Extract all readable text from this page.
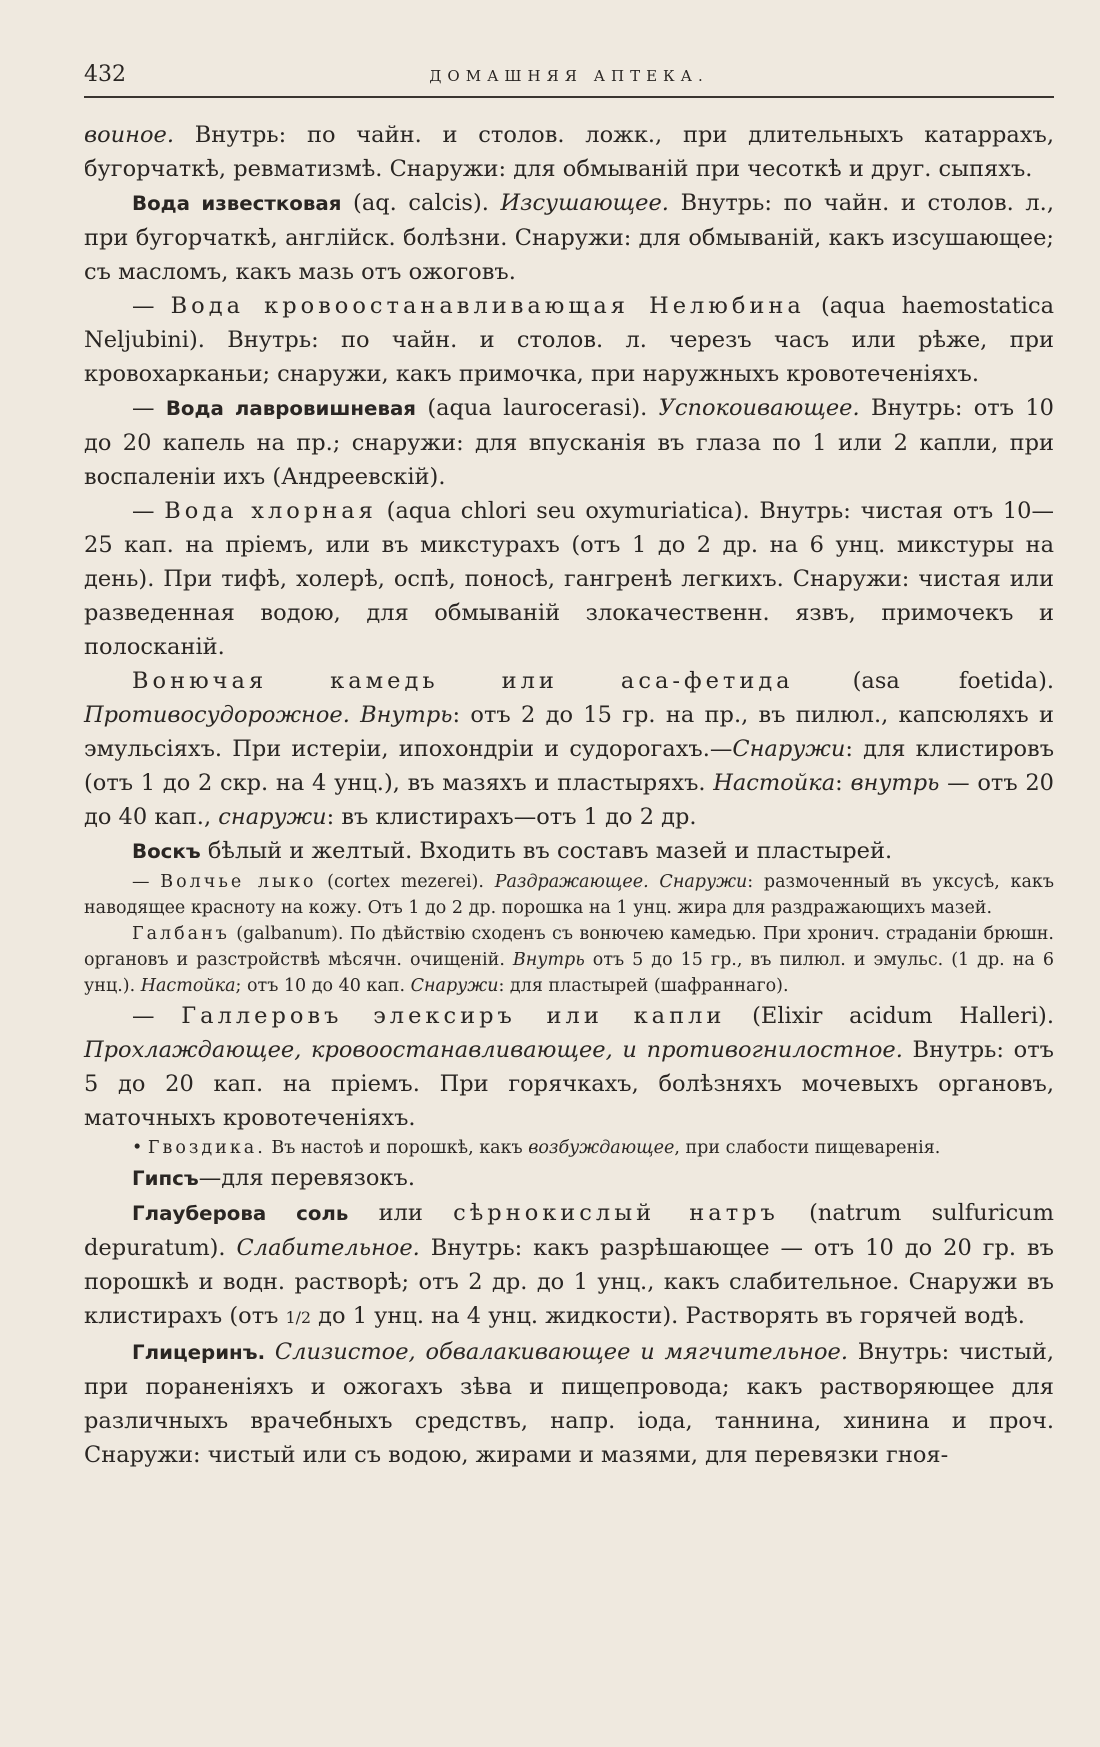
432	ДОМАШНЯЯ АПТЕКА.

воиное. Внутрь: по чайн. и столов. ложк., при длительныхъ катаррахъ, бугорчаткѣ, ревматизмѣ. Снаружи: для обмываній при чесоткѣ и друг. сыпяхъ.

Вода известковая (aq. calcis). Изсушающее. Внутрь: по чайн. и столов. л., при бугорчаткѣ, англійск. болѣзни. Снаружи: для обмываній, какъ изсушающее; съ масломъ, какъ мазь отъ ожоговъ.

— Вода кровоостанавливающая Нелюбина (aqua haemostatica Neljubini). Внутрь: по чайн. и столов. л. черезъ часъ или рѣже, при кровохарканьи; снаружи, какъ примочка, при наружныхъ кровотеченіяхъ.

— Вода лавровишневая (aqua laurocerasi). Успокоивающее. Внутрь: отъ 10 до 20 капель на пр.; снаружи: для впусканія въ глаза по 1 или 2 капли, при воспаленіи ихъ (Андреевскій).

— Вода хлорная (aqua chlori seu oxymuriatica). Внутрь: чистая отъ 10—25 кап. на пріемъ, или въ микстурахъ (отъ 1 до 2 др. на 6 унц. микстуры на день). При тифѣ, холерѣ, оспѣ, поносѣ, гангренѣ легкихъ. Снаружи: чистая или разведенная водою, для обмываній злокачественн. язвъ, примочекъ и полосканій.

Вонючая камедь или аса-фетида (asa foetida). Противосудорожное. Внутрь: отъ 2 до 15 гр. на пр., въ пилюл., капсюляхъ и эмульсіяхъ. При истеріи, ипохондріи и судорогахъ.—Снаружи: для клистировъ (отъ 1 до 2 скр. на 4 унц.), въ мазяхъ и пластыряхъ. Настойка: внутрь — отъ 20 до 40 кап., снаружи: въ клистирахъ—отъ 1 до 2 др.

Воскъ бѣлый и желтый. Входить въ составъ мазей и пластырей.

— Волчье лыко (cortex mezerei). Раздражающее. Снаружи: размоченный въ уксусѣ, какъ наводящее краснoту на кожу. Отъ 1 до 2 др. порошка на 1 унц. жира для раздражающихъ мазей.

Галбанъ (galbanum). По дѣйствію сходенъ съ вонючею камедью. При хронич. страданіи брюшн. органовъ и разстройствѣ мѣсячн. очищеній. Внутрь отъ 5 до 15 гр., въ пилюл. и эмульс. (1 др. на 6 унц.). Настойка; отъ 10 до 40 кап. Снаружи: для пластырей (шафраннаго).

— Галлеровъ элексиръ или капли (Elixir acidum Halleri). Прохлаждающее, кровоостанавливающее, и противогнилостное. Внутрь: отъ 5 до 20 кап. на пріемъ. При горячкахъ, болѣзняхъ мочевыхъ органовъ, маточныхъ кровотеченіяхъ.

• Гвоздика. Въ настоѣ и порошкѣ, какъ возбуждающее, при слабости пищеваренія.

Гипсъ—для перевязокъ.

Глауберова соль или сѣрнокислый натръ (natrum sulfuricum depuratum). Слабительное. Внутрь: какъ разрѣшающее — отъ 10 до 20 гр. въ порошкѣ и водн. растворѣ; отъ 2 др. до 1 унц., какъ слабительное. Снаружи въ клистирахъ (отъ 1/2 до 1 унц. на 4 унц. жидкости). Растворять въ горячей водѣ.

Глицеринъ. Слизистое, обвалакивающее и мягчительное. Внутрь: чистый, при пораненіяхъ и ожогахъ зѣва и пищепровода; какъ растворяющее для различныхъ врачебныхъ средствъ, напр. іода, таннина, хинина и проч. Снаружи: чистый или съ водою, жирами и мазями, для перевязки гноя-
